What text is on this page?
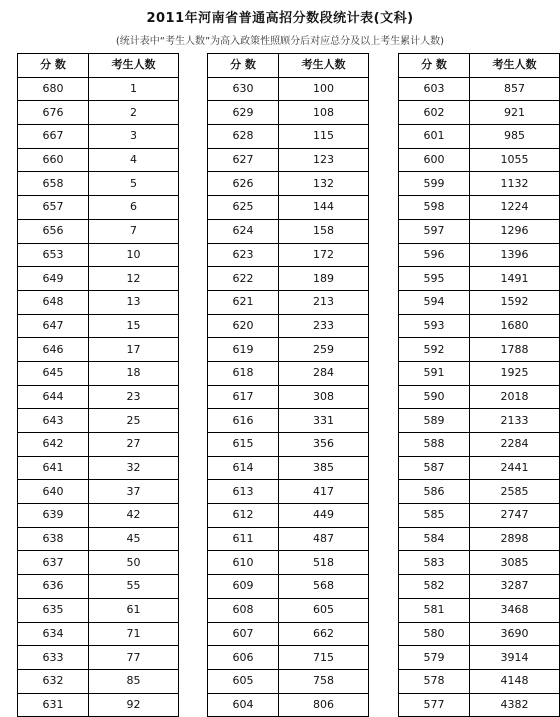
2011年河南省普通高招分数段统计表(文科)
(统计表中“考生人数”为高入政策性照顾分后对应总分及以上考生累计人数)
分 数	考生人数
680	1
676	2
667	3
660	4
658	5
657	6
656	7
653	10
649	12
648	13
647	15
646	17
645	18
644	23
643	25
642	27
641	32
640	37
639	42
638	45
637	50
636	55
635	61
634	71
633	77
632	85
631	92
分 数	考生人数
630	100
629	108
628	115
627	123
626	132
625	144
624	158
623	172
622	189
621	213
620	233
619	259
618	284
617	308
616	331
615	356
614	385
613	417
612	449
611	487
610	518
609	568
608	605
607	662
606	715
605	758
604	806
分 数	考生人数
603	857
602	921
601	985
600	1055
599	1132
598	1224
597	1296
596	1396
595	1491
594	1592
593	1680
592	1788
591	1925
590	2018
589	2133
588	2284
587	2441
586	2585
585	2747
584	2898
583	3085
582	3287
581	3468
580	3690
579	3914
578	4148
577	4382
